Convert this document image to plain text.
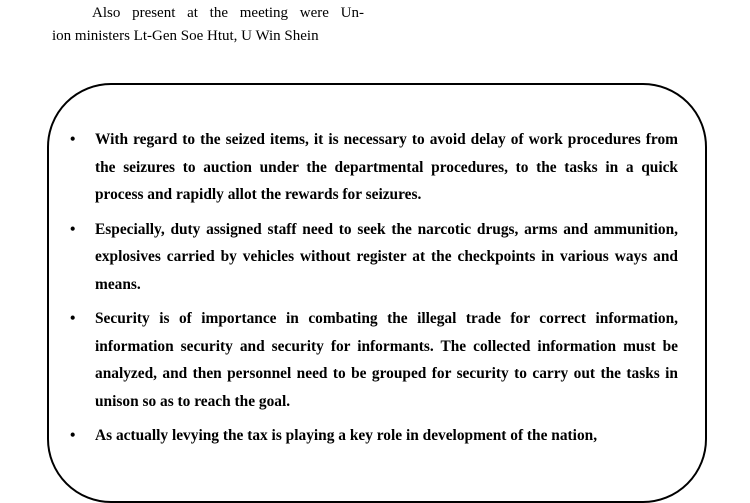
Also present at the meeting were Un-
ion ministers Lt-Gen Soe Htut, U Win Shein
• With regard to the seized items, it is necessary to avoid delay of work procedures from the seizures to auction under the departmental procedures, to the tasks in a quick process and rapidly allot the rewards for seizures.
• Especially, duty assigned staff need to seek the narcotic drugs, arms and ammunition, explosives carried by vehicles without register at the checkpoints in various ways and means.
• Security is of importance in combating the illegal trade for correct information, information security and security for informants. The collected information must be analyzed, and then personnel need to be grouped for security to carry out the tasks in unison so as to reach the goal.
• As actually levying the tax is playing a key role in development of the nation,
